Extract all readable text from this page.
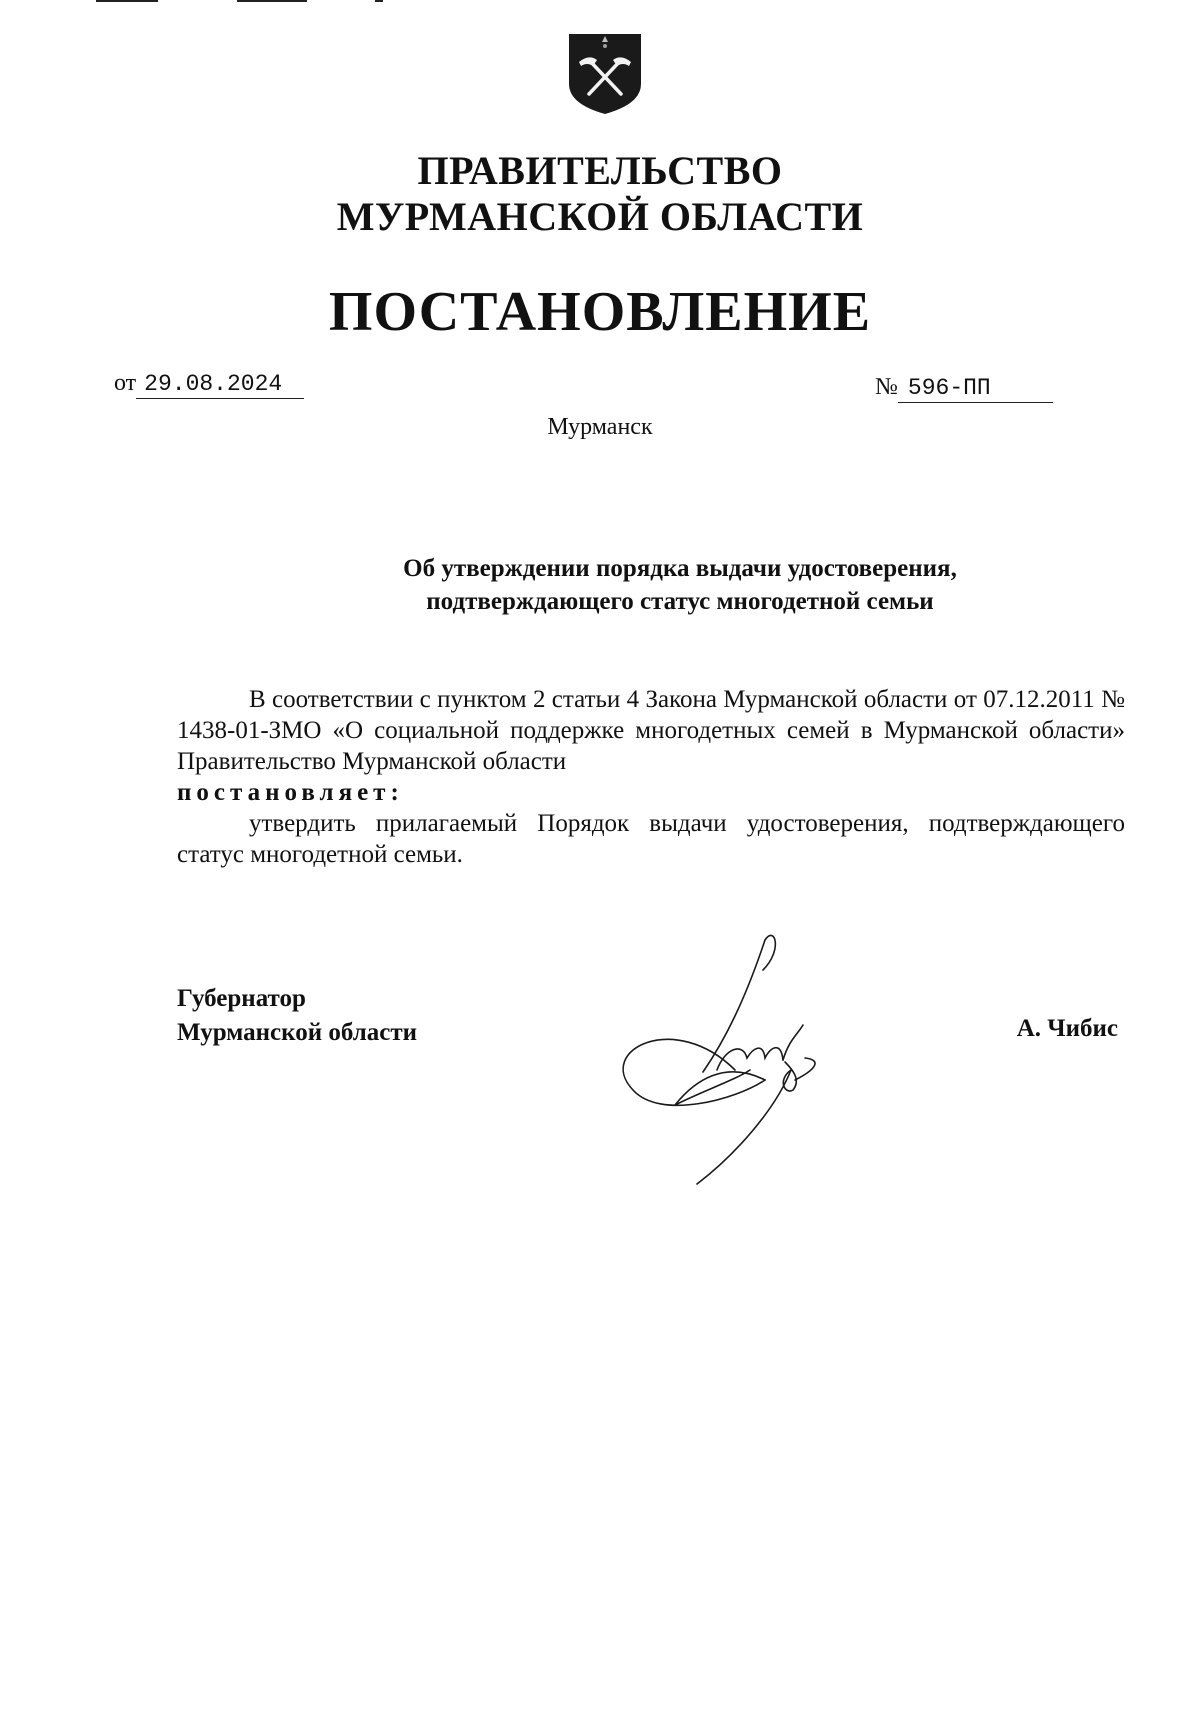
ПРАВИТЕЛЬСТВО
МУРМАНСКОЙ ОБЛАСТИ
ПОСТАНОВЛЕНИЕ
от 29.08.2024	№ 596-ПП
Мурманск
Об утверждении порядка выдачи удостоверения,
подтверждающего статус многодетной семьи

В соответствии с пунктом 2 статьи 4 Закона Мурманской области от 07.12.2011 № 1438-01-ЗМО «О социальной поддержке многодетных семей в Мурманской области» Правительство Мурманской области

постановляет:

утвердить прилагаемый Порядок выдачи удостоверения, подтверждающего статус многодетной семьи.

Губернатор
Мурманской области	А. Чибис
